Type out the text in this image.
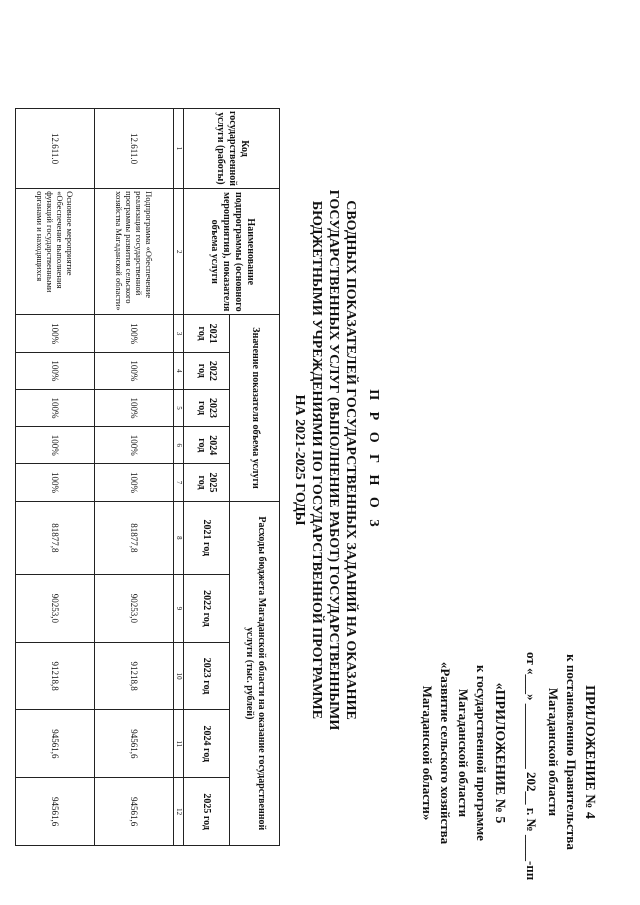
ПРИЛОЖЕНИЕ № 4
к постановлению Правительства
Магаданской области
от «___» __________ 202__ г. № ____-пп
«ПРИЛОЖЕНИЕ № 5
к государственной программе
Магаданской области
«Развитие сельского хозяйства
Магаданской области»
П Р О Г Н О З
СВОДНЫХ ПОКАЗАТЕЛЕЙ ГОСУДАРСТВЕННЫХ ЗАДАНИЙ НА ОКАЗАНИЕ
ГОСУДАРСТВЕННЫХ УСЛУГ (ВЫПОЛНЕНИЕ РАБОТ) ГОСУДАРСТВЕННЫМИ
БЮДЖЕТНЫМИ УЧРЕЖДЕНИЯМИ ПО ГОСУДАРСТВЕННОЙ ПРОГРАММЕ
НА 2021-2025 ГОДЫ
Код государственной услуги (работы)	Наименование подпрограммы (основного мероприятия), показателя объема услуги	Значение показателя объема услуги					Расходы бюджета Магаданской области на оказание государственной услуги (тыс. рублей)				
		2021 год	2022 год	2023 год	2024 год	2025 год	2021 год	2022 год	2023 год	2024 год	2025 год
1	2	3	4	5	6	7	8	9	10	11	12
12.611.0	Подпрограмма «Обеспечение реализации государственной программы развития сельского хозяйства Магаданской области»	100%	100%	100%	100%	100%	81877,8	90253,0	91218,8	94561,6	94561,6
12.611.0	Основное мероприятие «Обеспечение выполнения функций государственными органами и находящихся	100%	100%	100%	100%	100%	81877,8	90253,0	91218,8	94561,6	94561,6
